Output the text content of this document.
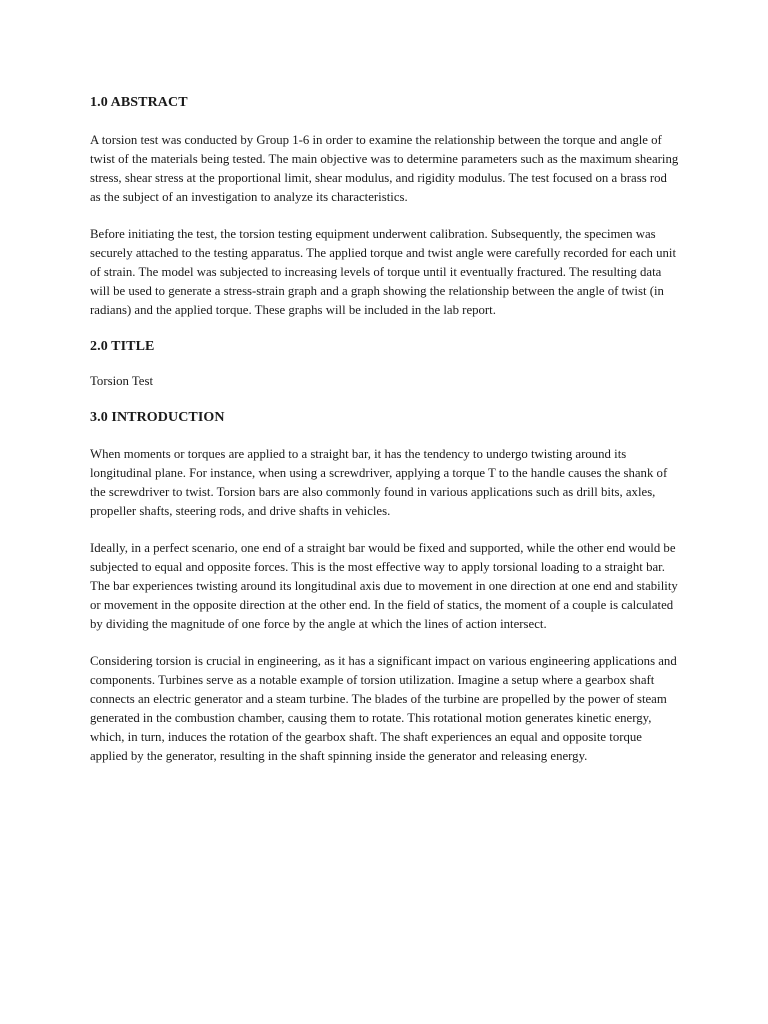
1.0 ABSTRACT

A torsion test was conducted by Group 1-6 in order to examine the relationship between the torque and angle of twist of the materials being tested. The main objective was to determine parameters such as the maximum shearing stress, shear stress at the proportional limit, shear modulus, and rigidity modulus. The test focused on a brass rod as the subject of an investigation to analyze its characteristics.

Before initiating the test, the torsion testing equipment underwent calibration. Subsequently, the specimen was securely attached to the testing apparatus. The applied torque and twist angle were carefully recorded for each unit of strain. The model was subjected to increasing levels of torque until it eventually fractured. The resulting data will be used to generate a stress-strain graph and a graph showing the relationship between the angle of twist (in radians) and the applied torque. These graphs will be included in the lab report.

2.0 TITLE

Torsion Test

3.0 INTRODUCTION

When moments or torques are applied to a straight bar, it has the tendency to undergo twisting around its longitudinal plane. For instance, when using a screwdriver, applying a torque T to the handle causes the shank of the screwdriver to twist. Torsion bars are also commonly found in various applications such as drill bits, axles, propeller shafts, steering rods, and drive shafts in vehicles.

Ideally, in a perfect scenario, one end of a straight bar would be fixed and supported, while the other end would be subjected to equal and opposite forces. This is the most effective way to apply torsional loading to a straight bar. The bar experiences twisting around its longitudinal axis due to movement in one direction at one end and stability or movement in the opposite direction at the other end. In the field of statics, the moment of a couple is calculated by dividing the magnitude of one force by the angle at which the lines of action intersect.

Considering torsion is crucial in engineering, as it has a significant impact on various engineering applications and components. Turbines serve as a notable example of torsion utilization. Imagine a setup where a gearbox shaft connects an electric generator and a steam turbine. The blades of the turbine are propelled by the power of steam generated in the combustion chamber, causing them to rotate. This rotational motion generates kinetic energy, which, in turn, induces the rotation of the gearbox shaft. The shaft experiences an equal and opposite torque applied by the generator, resulting in the shaft spinning inside the generator and releasing energy.
